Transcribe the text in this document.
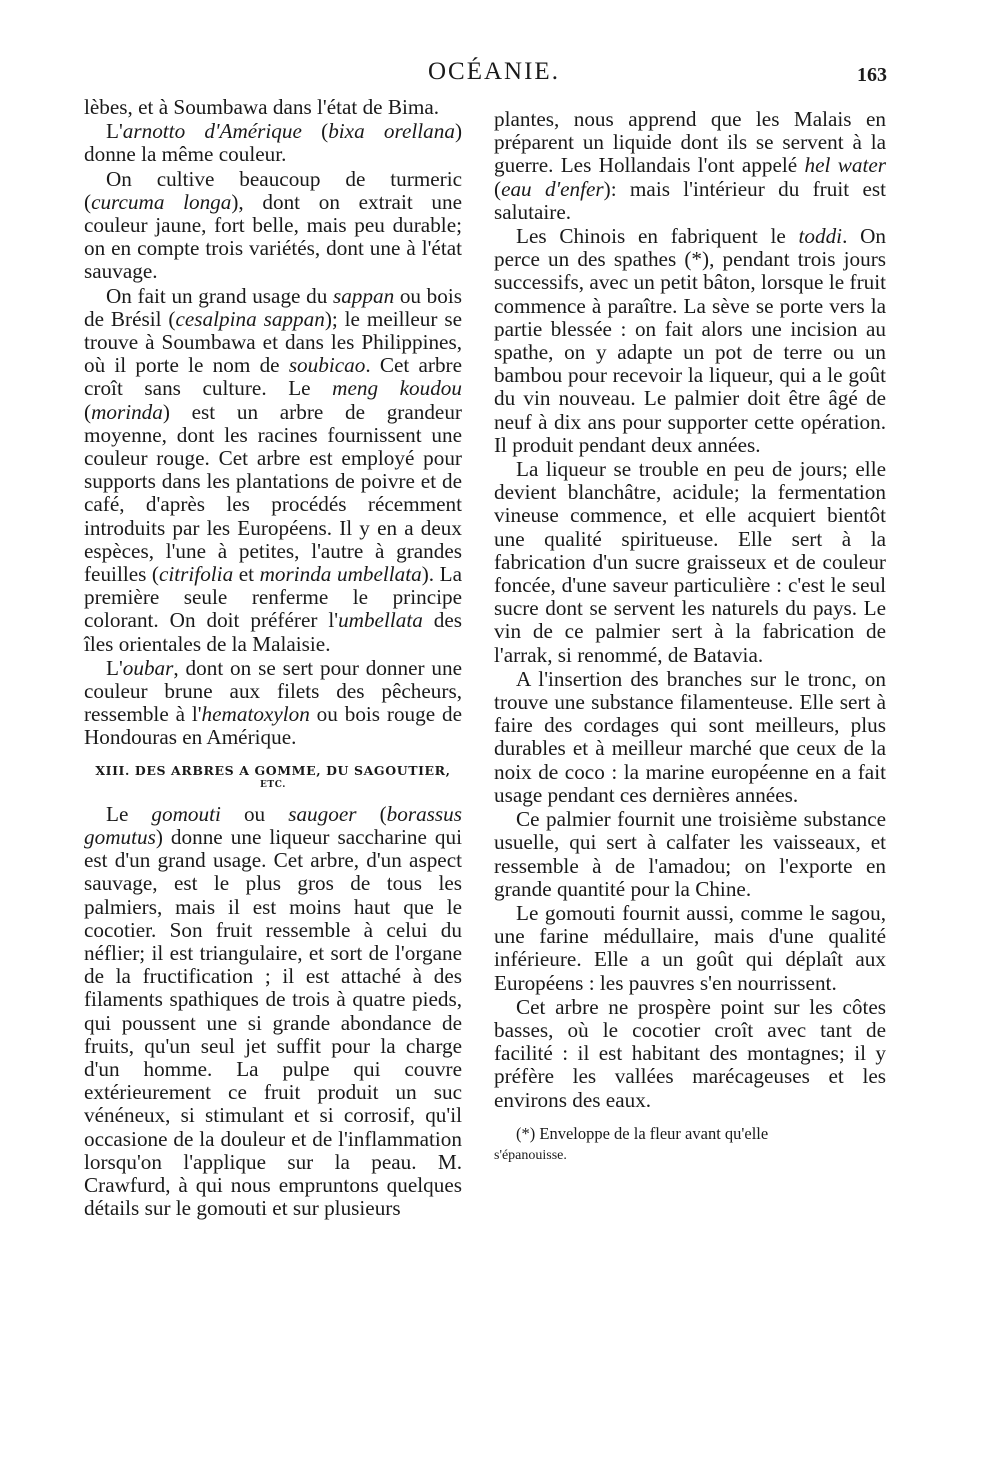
OCÉANIE.	163

lèbes, et à Soumbawa dans l'état de Bima.

L'arnotto d'Amérique (bixa orellana) donne la même couleur.

On cultive beaucoup de turmeric (curcuma longa), dont on extrait une couleur jaune, fort belle, mais peu durable; on en compte trois variétés, dont une à l'état sauvage.

On fait un grand usage du sappan ou bois de Brésil (cesalpina sappan); le meilleur se trouve à Soumbawa et dans les Philippines, où il porte le nom de soubicao. Cet arbre croît sans culture. Le meng koudou (morinda) est un arbre de grandeur moyenne, dont les racines fournissent une couleur rouge. Cet arbre est employé pour supports dans les plantations de poivre et de café, d'après les procédés récemment introduits par les Européens. Il y en a deux espèces, l'une à petites, l'autre à grandes feuilles (citrifolia et morinda umbellata). La première seule renferme le principe colorant. On doit préférer l'umbellata des îles orientales de la Malaisie.

L'oubar, dont on se sert pour donner une couleur brune aux filets des pêcheurs, ressemble à l'hematoxylon ou bois rouge de Hondouras en Amérique.

XIII. DES ARBRES A GOMME, DU SAGOUTIER,
ETC.

Le gomouti ou saugoer (borassus gomutus) donne une liqueur saccharine qui est d'un grand usage. Cet arbre, d'un aspect sauvage, est le plus gros de tous les palmiers, mais il est moins haut que le cocotier. Son fruit ressemble à celui du néflier; il est triangulaire, et sort de l'organe de la fructification ; il est attaché à des filaments spathiques de trois à quatre pieds, qui poussent une si grande abondance de fruits, qu'un seul jet suffit pour la charge d'un homme. La pulpe qui couvre extérieurement ce fruit produit un suc vénéneux, si stimulant et si corrosif, qu'il occasione de la douleur et de l'inflammation lorsqu'on l'applique sur la peau. M. Crawfurd, à qui nous empruntons quelques détails sur le gomouti et sur plusieurs

plantes, nous apprend que les Malais en préparent un liquide dont ils se servent à la guerre. Les Hollandais l'ont appelé hel water (eau d'enfer): mais l'intérieur du fruit est salutaire.

Les Chinois en fabriquent le toddi. On perce un des spathes (*), pendant trois jours successifs, avec un petit bâton, lorsque le fruit commence à paraître. La sève se porte vers la partie blessée : on fait alors une incision au spathe, on y adapte un pot de terre ou un bambou pour recevoir la liqueur, qui a le goût du vin nouveau. Le palmier doit être âgé de neuf à dix ans pour supporter cette opération. Il produit pendant deux années.

La liqueur se trouble en peu de jours; elle devient blanchâtre, acidule; la fermentation vineuse commence, et elle acquiert bientôt une qualité spiritueuse. Elle sert à la fabrication d'un sucre graisseux et de couleur foncée, d'une saveur particulière : c'est le seul sucre dont se servent les naturels du pays. Le vin de ce palmier sert à la fabrication de l'arrak, si renommé, de Batavia.

A l'insertion des branches sur le tronc, on trouve une substance filamenteuse. Elle sert à faire des cordages qui sont meilleurs, plus durables et à meilleur marché que ceux de la noix de coco : la marine européenne en a fait usage pendant ces dernières années.

Ce palmier fournit une troisième substance usuelle, qui sert à calfater les vaisseaux, et ressemble à de l'amadou; on l'exporte en grande quantité pour la Chine.

Le gomouti fournit aussi, comme le sagou, une farine médullaire, mais d'une qualité inférieure. Elle a un goût qui déplaît aux Européens : les pauvres s'en nourrissent.

Cet arbre ne prospère point sur les côtes basses, où le cocotier croît avec tant de facilité : il est habitant des montagnes; il y préfère les vallées marécageuses et les environs des eaux.

(*) Enveloppe de la fleur avant qu'elle
s'épanouisse.
